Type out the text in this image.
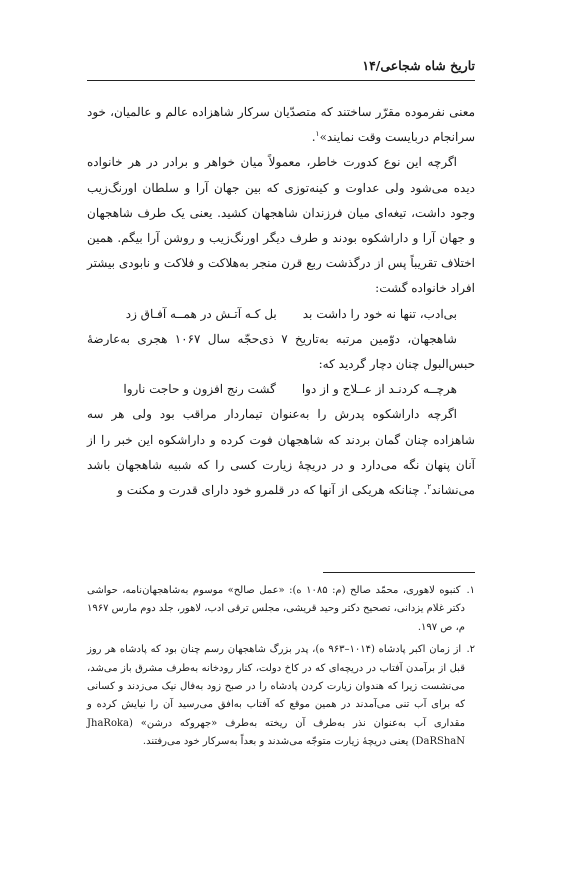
تاریخ شاه شجاعی/۱۴

معنی نفرموده مقرّر ساختند که متصدّیان سرکار شاهزاده عالم و عالمیان، خود سرانجام دربایست وقت نمایند»$^۱$.

اگرچه این نوع کدورت خاطر، معمولاً میان خواهر و برادر در هر خانواده دیده می‌شود ولی عداوت و کینه‌توزی که بین جهان آرا و سلطان اورنگ‌زیب وجود داشت، تیغه‌ای میان فرزندان شاهجهان کشید. یعنی یک طرف شاهجهان و جهان آرا و داراشکوه بودند و طرف دیگر اورنگ‌زیب و روشن آرا بیگم. همین اختلاف تقریباً پس از درگذشت ربع قرن منجر به‌هلاکت و فلاکت و نابودی بیشتر افراد خانواده گشت:

بی‌ادب، تنها نه خود را داشت بد
بل کـه آتـش در همــه آفـاق زد

شاهجهان، دوّمین مرتبه به‌تاریخ ۷ ذی‌حجّه سال ۱۰۶۷ هجری به‌عارضهٔ حبس‌البول چنان دچار گردید که:

هرچــه کردنـد از عــلاج و از دوا
گشت رنج افزون و حاجت ناروا

اگرچه داراشکوه پدرش را به‌عنوان تیماردار مراقب بود ولی هر سه شاهزاده چنان گمان بردند که شاهجهان فوت کرده و داراشکوه این خبر را از آنان پنهان نگه می‌دارد و در دریچهٔ زیارت کسی را که شبیه شاهجهان باشد می‌نشاند$^۲$. چنانکه هریکی از آنها که در قلمرو خود دارای قدرت و مکنت و

۱. کنبوه لاهوری، محمّد صالح (م: ۱۰۸۵ ه): «عمل صالح» موسوم به‌شاهجهان‌نامه، حواشی دکتر غلام یزدانی، تصحیح دکتر وحید قریشی، مجلس ترقی ادب، لاهور، جلد دوم مارس ۱۹۶۷ م، ص ۱۹۷.

۲. از زمان اکبر پادشاه (۱۰۱۴–۹۶۳ ه)، پدر بزرگ شاهجهان رسم چنان بود که پادشاه هر روز قبل از برآمدن آفتاب در دریچه‌ای که در کاخ دولت، کنار رودخانه به‌طرف مشرق باز می‌شد، می‌نشست زیرا که هندوان زیارت کردن پادشاه را در صبح زود به‌فال نیک می‌زدند و کسانی که برای آب تنی می‌آمدند در همین موقع که آفتاب به‌افق می‌رسید آن را نیایش کرده و مقداری آب به‌عنوان نذر به‌طرف آن ریخته به‌طرف «جهروکه درشن» (JhaRoka DaRShaN) یعنی دریچهٔ زیارت متوجّه می‌شدند و بعداً به‌سرکار خود می‌رفتند.
